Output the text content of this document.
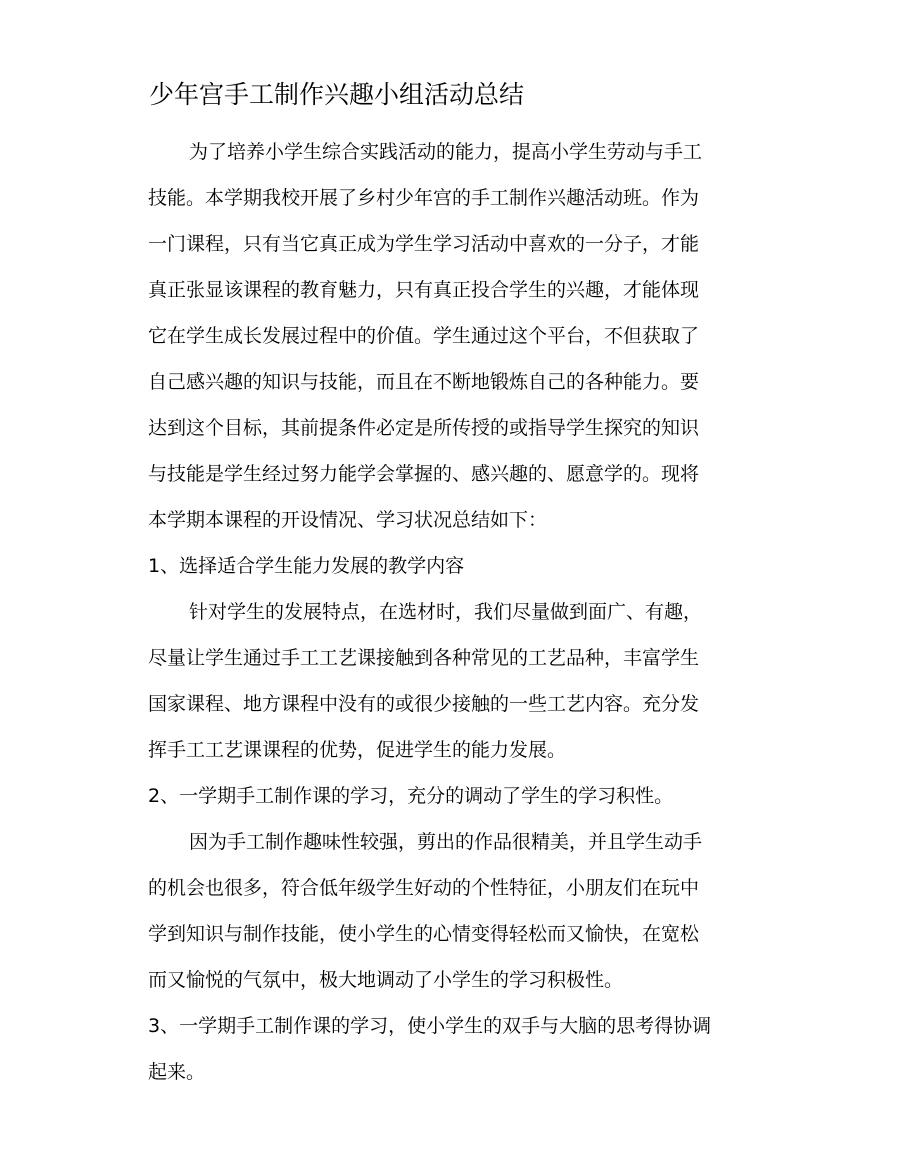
少年宫手工制作兴趣小组活动总结
为了培养小学生综合实践活动的能力，提高小学生劳动与手工
技能。本学期我校开展了乡村少年宫的手工制作兴趣活动班。作为
一门课程，只有当它真正成为学生学习活动中喜欢的一分子，才能
真正张显该课程的教育魅力，只有真正投合学生的兴趣，才能体现
它在学生成长发展过程中的价值。学生通过这个平台，不但获取了
自己感兴趣的知识与技能，而且在不断地锻炼自己的各种能力。要
达到这个目标，其前提条件必定是所传授的或指导学生探究的知识
与技能是学生经过努力能学会掌握的、感兴趣的、愿意学的。现将
本学期本课程的开设情况、学习状况总结如下：
1、选择适合学生能力发展的教学内容
针对学生的发展特点，在选材时，我们尽量做到面广、有趣，
尽量让学生通过手工工艺课接触到各种常见的工艺品种，丰富学生
国家课程、地方课程中没有的或很少接触的一些工艺内容。充分发
挥手工工艺课课程的优势，促进学生的能力发展。
2、一学期手工制作课的学习，充分的调动了学生的学习积性。
因为手工制作趣味性较强，剪出的作品很精美，并且学生动手
的机会也很多，符合低年级学生好动的个性特征，小朋友们在玩中
学到知识与制作技能，使小学生的心情变得轻松而又愉快，在宽松
而又愉悦的气氛中，极大地调动了小学生的学习积极性。
3、一学期手工制作课的学习，使小学生的双手与大脑的思考得协调
起来。
